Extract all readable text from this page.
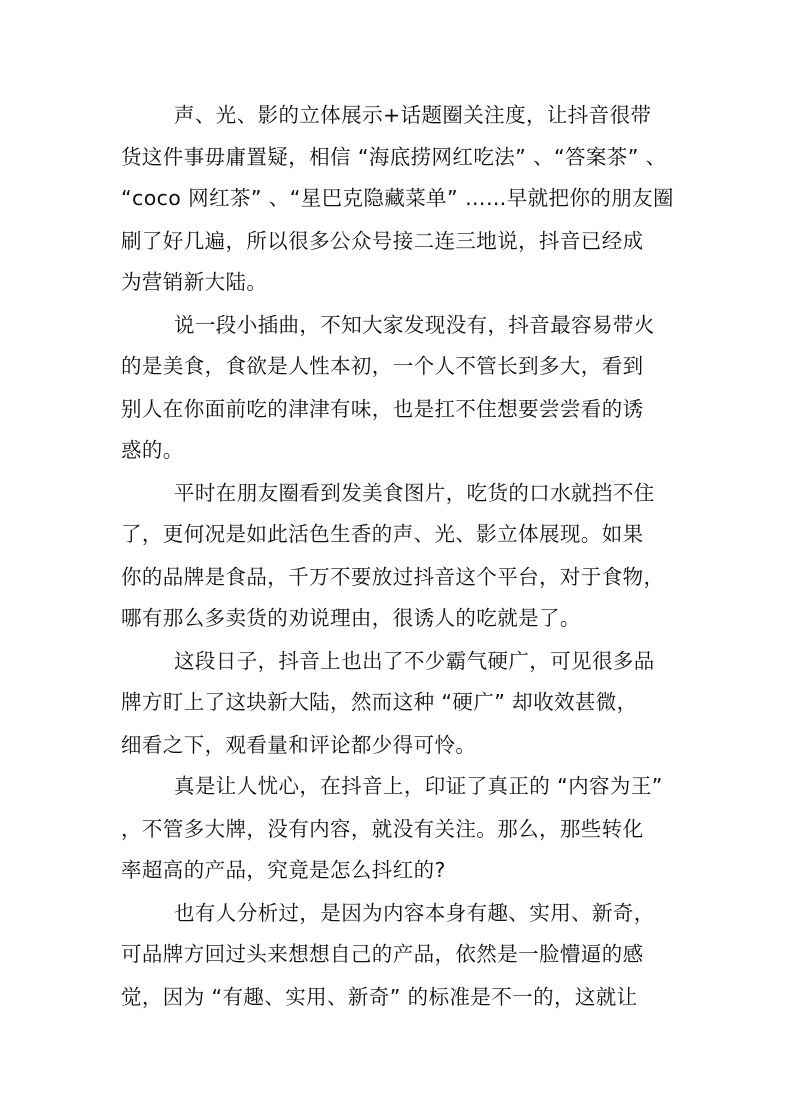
声、光、影的立体展示+话题圈关注度，让抖音很带
货这件事毋庸置疑，相信 “海底捞网红吃法” 、“答案茶” 、
“coco 网红茶” 、“星巴克隐藏菜单” ……早就把你的朋友圈
刷了好几遍，所以很多公众号接二连三地说，抖音已经成
为营销新大陆。
说一段小插曲，不知大家发现没有，抖音最容易带火
的是美食，食欲是人性本初，一个人不管长到多大，看到
别人在你面前吃的津津有味，也是扛不住想要尝尝看的诱
惑的。
平时在朋友圈看到发美食图片，吃货的口水就挡不住
了，更何况是如此活色生香的声、光、影立体展现。如果
你的品牌是食品，千万不要放过抖音这个平台，对于食物，
哪有那么多卖货的劝说理由，很诱人的吃就是了。
这段日子，抖音上也出了不少霸气硬广，可见很多品
牌方盯上了这块新大陆，然而这种 “硬广” 却收效甚微，
细看之下，观看量和评论都少得可怜。
真是让人忧心，在抖音上，印证了真正的 “内容为王”
，不管多大牌，没有内容，就没有关注。那么，那些转化
率超高的产品，究竟是怎么抖红的?
也有人分析过，是因为内容本身有趣、实用、新奇，
可品牌方回过头来想想自己的产品，依然是一脸懵逼的感
觉，因为 “有趣、实用、新奇” 的标准是不一的，这就让
